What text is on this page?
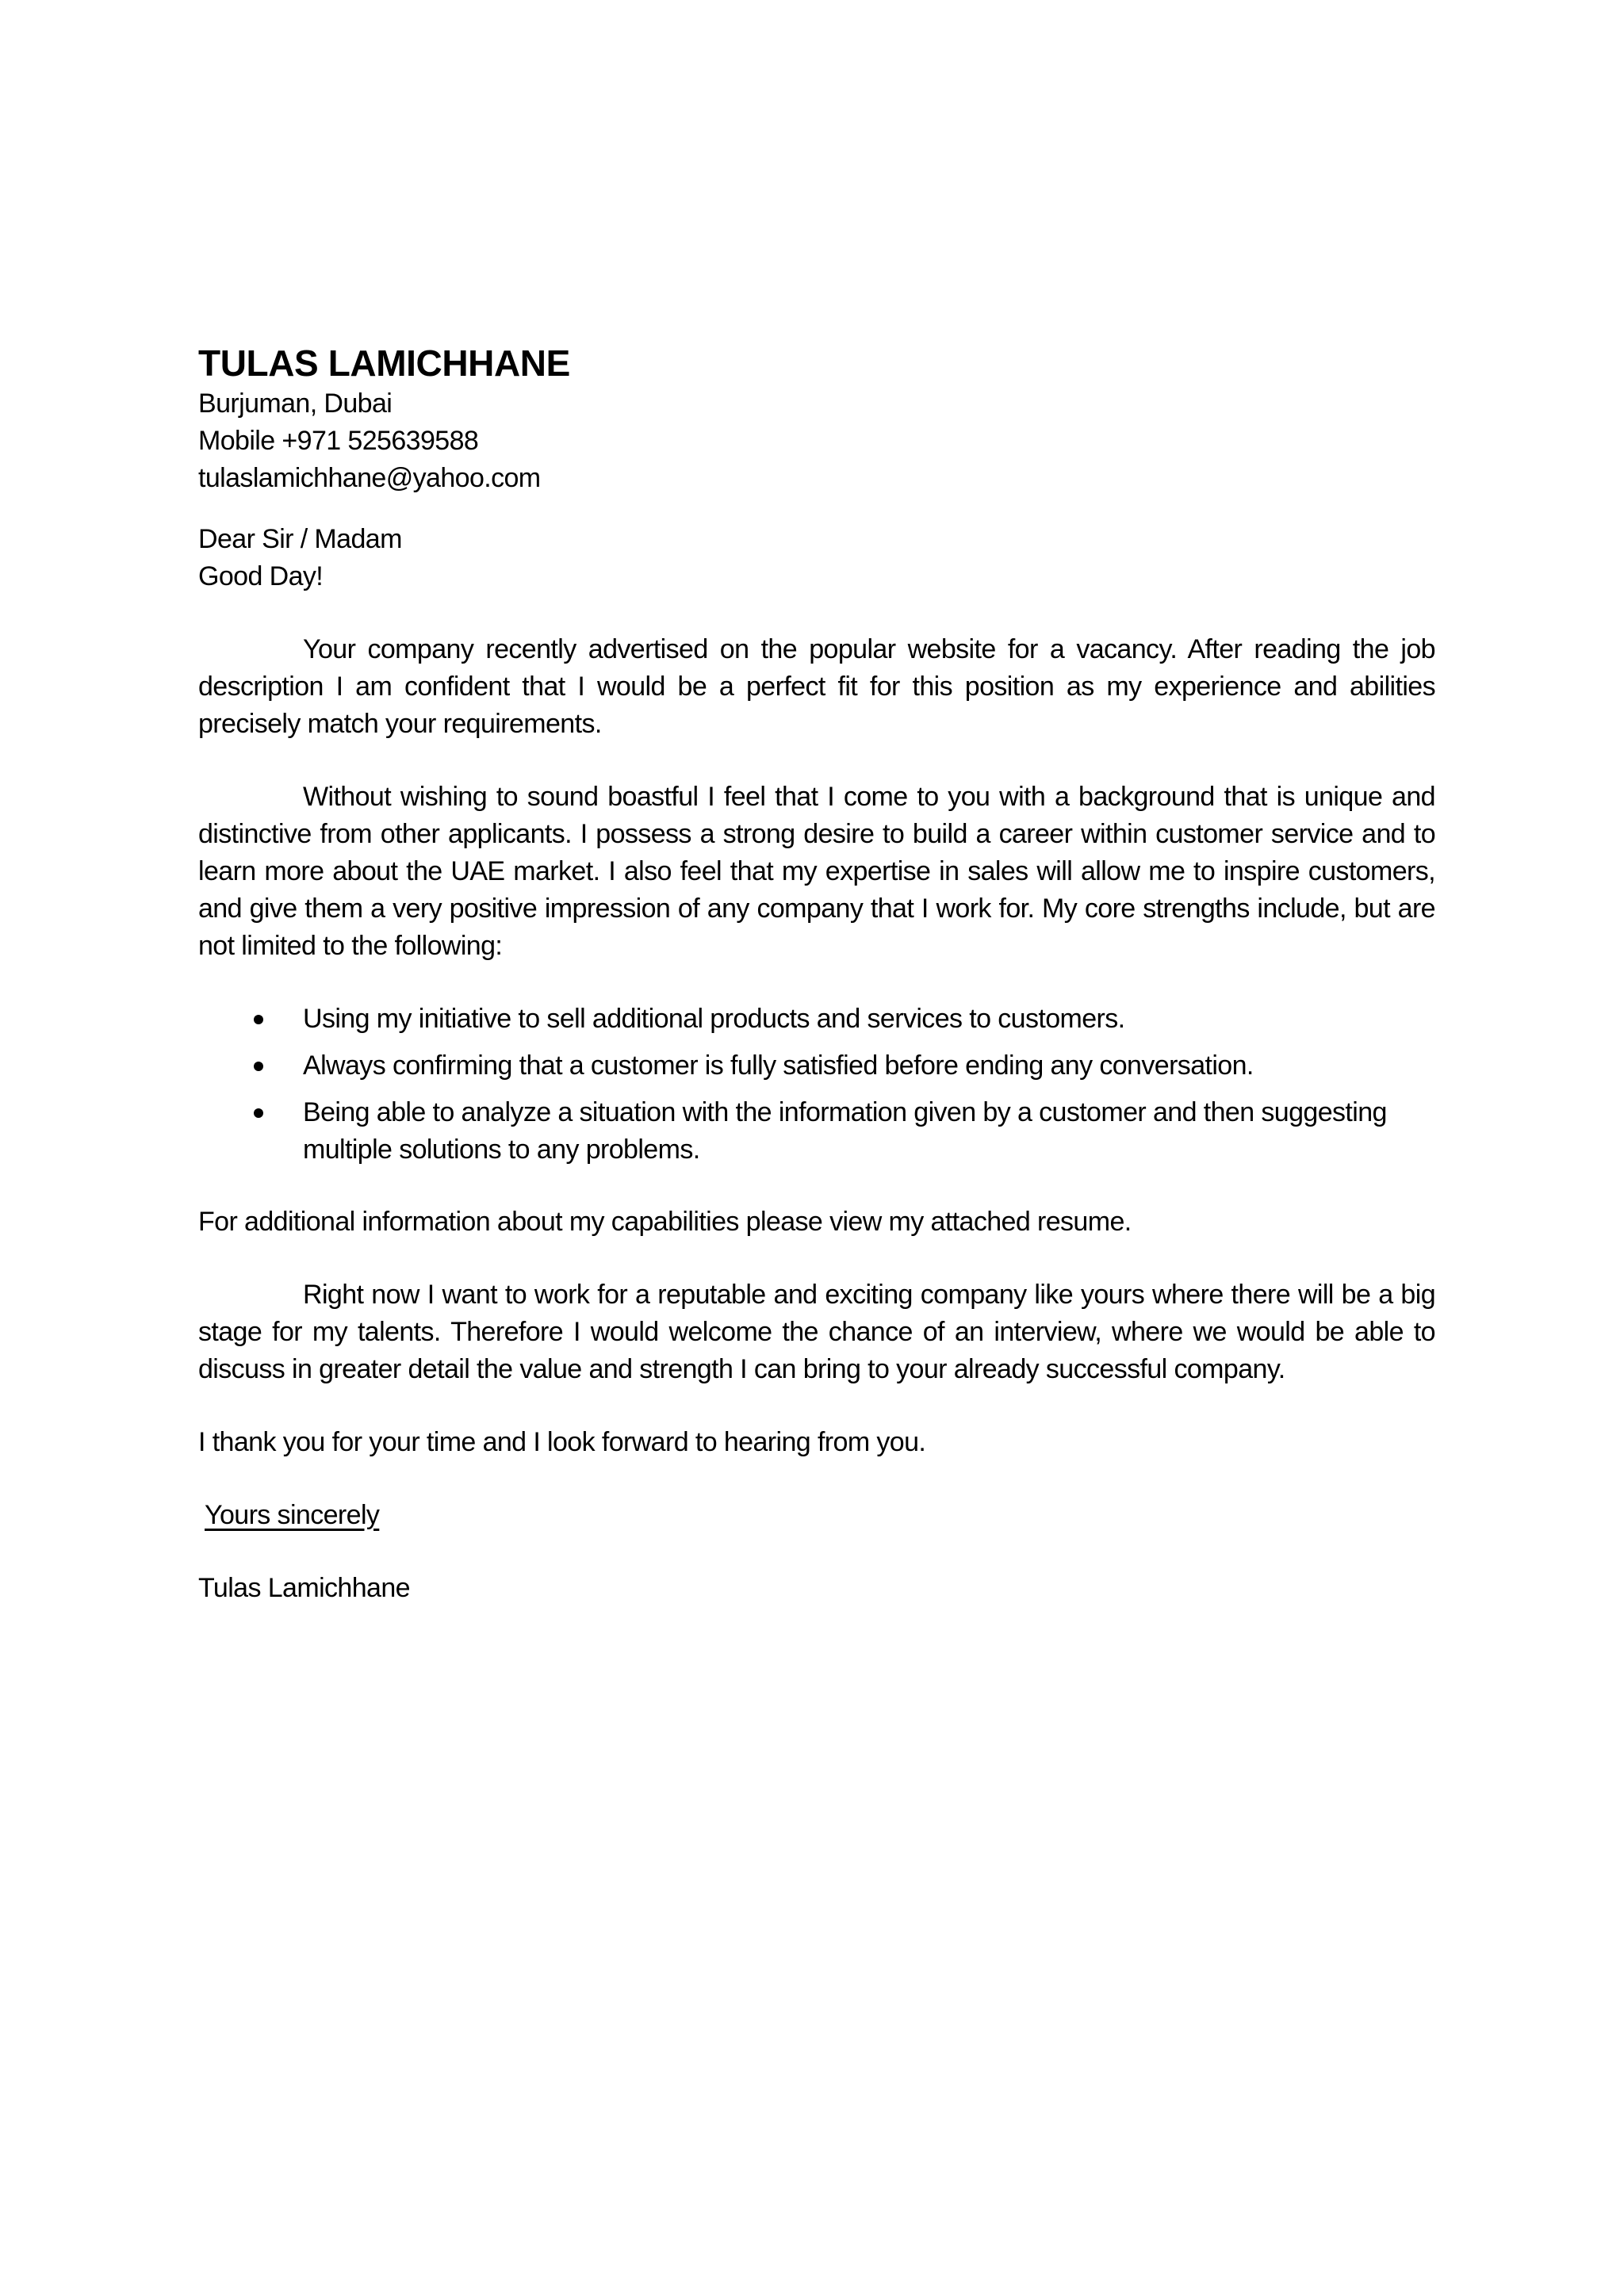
TULAS LAMICHHANE
Burjuman, Dubai
Mobile +971 525639588
tulaslamichhane@yahoo.com
Dear Sir / Madam
Good Day!

Your company recently advertised on the popular website for a vacancy. After reading the job description I am confident that I would be a perfect fit for this position as my experience and abilities precisely match your requirements.

Without wishing to sound boastful I feel that I come to you with a background that is unique and distinctive from other applicants. I possess a strong desire to build a career within customer service and to learn more about the UAE market. I also feel that my expertise in sales will allow me to inspire customers, and give them a very positive impression of any company that I work for. My core strengths include, but are not limited to the following:

Using my initiative to sell additional products and services to customers.
Always confirming that a customer is fully satisfied before ending any conversation.
Being able to analyze a situation with the information given by a customer and then suggesting multiple solutions to any problems.

For additional information about my capabilities please view my attached resume.

Right now I want to work for a reputable and exciting company like yours where there will be a big stage for my talents. Therefore I would welcome the chance of an interview, where we would be able to discuss in greater detail the value and strength I can bring to your already successful company.

I thank you for your time and I look forward to hearing from you.

Yours sincerely

Tulas Lamichhane
